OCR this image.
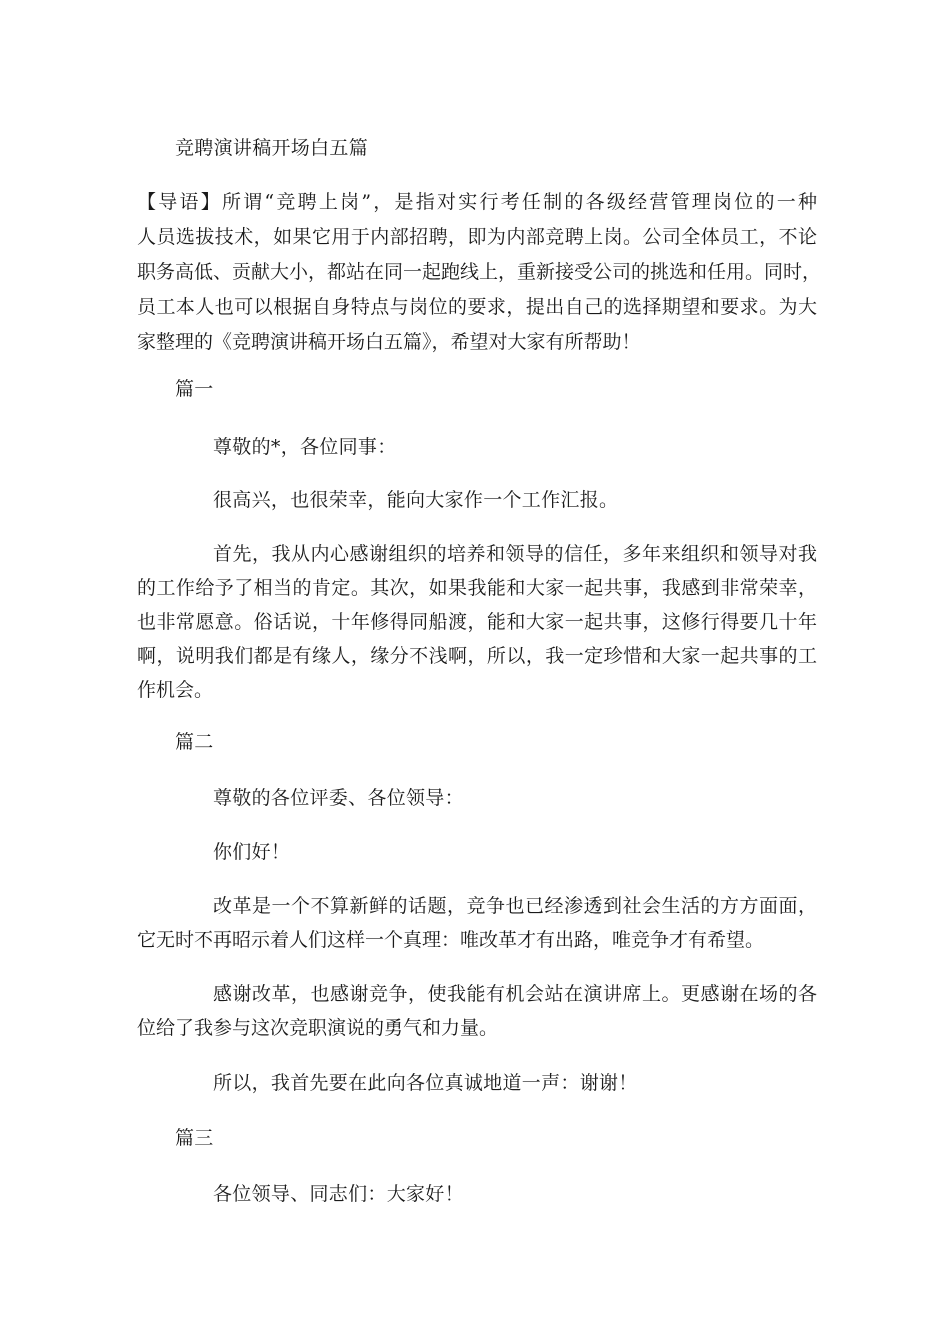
竞聘演讲稿开场白五篇
【导语】所谓“竞聘上岗”，是指对实行考任制的各级经营管理岗位的一种
人员选拔技术，如果它用于内部招聘，即为内部竞聘上岗。公司全体员工，不论
职务高低、贡献大小，都站在同一起跑线上，重新接受公司的挑选和任用。同时，
员工本人也可以根据自身特点与岗位的要求，提出自己的选择期望和要求。为大
家整理的《竞聘演讲稿开场白五篇》，希望对大家有所帮助！
篇一
尊敬的*，各位同事：
很高兴，也很荣幸，能向大家作一个工作汇报。
首先，我从内心感谢组织的培养和领导的信任，多年来组织和领导对我
的工作给予了相当的肯定。其次，如果我能和大家一起共事，我感到非常荣幸，
也非常愿意。俗话说，十年修得同船渡，能和大家一起共事，这修行得要几十年
啊，说明我们都是有缘人，缘分不浅啊，所以，我一定珍惜和大家一起共事的工
作机会。
篇二
尊敬的各位评委、各位领导：
你们好！
改革是一个不算新鲜的话题，竞争也已经渗透到社会生活的方方面面，
它无时不再昭示着人们这样一个真理：唯改革才有出路，唯竞争才有希望。
感谢改革，也感谢竞争，使我能有机会站在演讲席上。更感谢在场的各
位给了我参与这次竞职演说的勇气和力量。
所以，我首先要在此向各位真诚地道一声：谢谢！
篇三
各位领导、同志们：大家好！
